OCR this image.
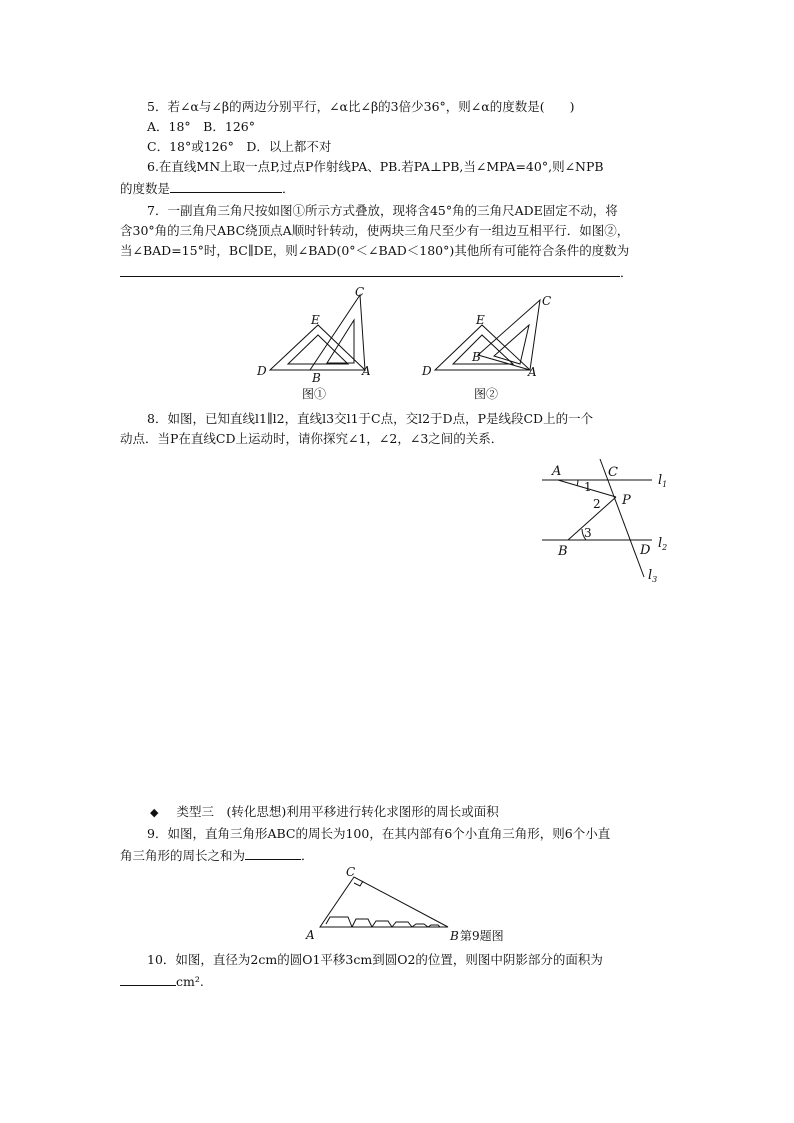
5．若∠α与∠β的两边分别平行，∠α比∠β的3倍少36°，则∠α的度数是(　　)
A．18°　B．126°
C．18°或126°　D．以上都不对
6.在直线MN上取一点P,过点P作射线PA、PB.若PA⊥PB,当∠MPA=40°,则∠NPB
的度数是	．
7．一副直角三角尺按如图①所示方式叠放，现将含45°角的三角尺ADE固定不动，将
含30°角的三角尺ABC绕顶点A顺时针转动，使两块三角尺至少有一组边互相平行．如图②，
当∠BAD=15°时，BC∥DE，则∠BAD(0°＜∠BAD＜180°)其他所有可能符合条件的度数为
．
C
E
D	B	A
图①
C
E
D
B
A
图②
8．如图，已知直线l1∥l2，直线l3交l1于C点，交l2于D点，P是线段CD上的一个
动点．当P在直线CD上运动时，请你探究∠1，∠2，∠3之间的关系．
A	C
$l_1$
1
2 P
3
$l_2$
B	D
$l_3$
◆ 类型三　(转化思想)利用平移进行转化求图形的周长或面积
9．如图，直角三角形ABC的周长为100，在其内部有6个小直角三角形，则6个小直
角三角形的周长之和为	．
C
A	B 第9题图
10．如图，直径为2cm的圆O1平移3cm到圆O2的位置，则图中阴影部分的面积为
cm².
